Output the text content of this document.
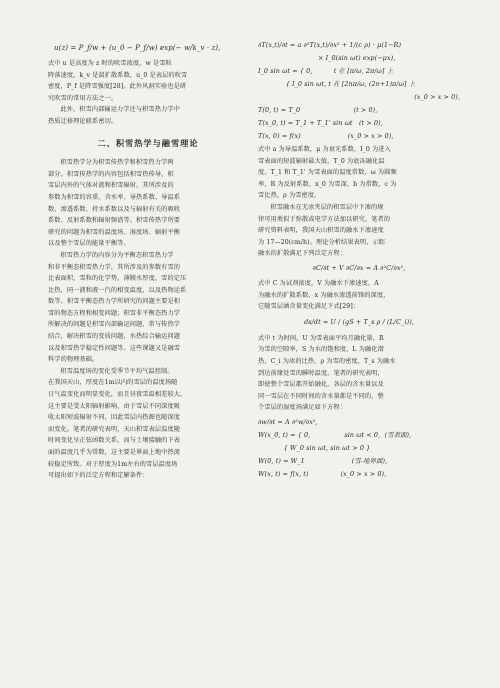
u(z) = P_f/w + (u_0 − P_f/w) exp(− w/k_v · z),

式中 u 是高度为 z 时的吹雪浓度，w 是雪粒

降落速度，k_v 是湍扩散系数，u_0 是表层的吹雪

密度，P_f 是降雪强度[28]。此外风洞实验也是研

究吹雪的常用方法之一。

此外，积雪内部输运力学还与积雪热力学中

热质迁移理论联系密切。

二、积雪热学与融雪理论

积雪热学分为积雪传热学和积雪热力学两

部分。积雪传热学的内容包括积雪热传导，积

雪层内外的气体对流和积雪辐射，其所涉及的

参数为积雪的容重、含水率、导热系数、导温系

数、渗透系数、持水系数以及与辐射有关的吸收

系数、反射系数和辐射频谱等。积雪传热学所要

研究的问题为积雪的温度场、湿度场、辐射平衡

以及整个雪层的能量平衡等。

积雪热力学的内容分为平衡态积雪热力学

和非平衡态积雪热力学，其所涉及的参数有雪的

比表面积，雪粒的化学势，薄膜水厚度，雪的定压

比热，同一液和液一汽的相变温度，以及热物运系

数等。积雪平衡态热力学所研究的问题主要是积

雪的物态方程和相变问题；积雪非平衡态热力学

所解决的问题是积雪内部输运问题，常与传热学

结合，解决积雪的变质问题，水热综合输运问题

以及积雪热学稳定性问题等。这些课题又是融雪

科学的物理基础。

积雪温度场的变化受季节平均气温控制。

在我国天山，厚度在1m以内的雪层的温度场随

日气温变化而明显变化，而且昼夜雪温相差较大。

这主要是受太阳辐射影响。由于雪层不同深度吸

收太阳短波辐射不同，因此雪层内热源也随深度

而变化。笔者的研究表明，天山积雪表层温度随

时间变化呈正弦函数关系，而与土壤接触的下表

面的温度几乎为常数，这主要是界面上地中热流

较稳定所致。对于厚度为1m左右的雪层温度场

可提出如下的泛定方程和定解条件：

∂T(x,t)/∂t = a ∂²T(x,t)/∂x² + 1/(c ρ) · μ(1−R)
× I_0(sin ωt) exp(−μx),
I_0 sin ωt = { 0,          t 在 [π/ω, 2π/ω] 上
{ I_0 sin ωt, t 在 [2nπ/ω, (2n+1)π/ω] 上
(x_0 > x > 0),
T(0, t) = T_0                         (t > 0),
T(x_0, t) = T_1 + T_1' sin ωt   (t > 0),
T(x, 0) = f(x)                      (x_0 > x > 0),

式中 a 为导温系数，μ 为衰光系数，I_0 为进入

雪表面的短波辐射最大值，T_0 为底冻融化温

度，T_1 和 T_1' 为雪表面的温度常数，ω 为圆频

率，R 为反射系数，x_0 为雪深，b 为常数，c 为

雪比热，ρ 为雪密度。

积雪融水在无冰夹层的积雪层中下渗的规

律可用类似于弥散或电学方法加以研究。笔者的

研究资料表明，我国天山积雪的融水下渗速度

为 17—20(cm/h)。理论分析结果表明，示踪

融水的扩散满足下列泛定方程：

∂C/∂t + V ∂C/∂x = A ∂²C/∂x²,

式中 C 为试剂浓度，V 为融水下渗速度，A

为融水的扩散系数，x 为融水渗透前锋的深度，

它随雪层涵含量变化满足下式[29]：

ds/dt = U / (gS + T_s ρ / (L/C_i)),

式中 t 为时间，U 为雪表面平均月融化量，R

为雪的空隙率，S 为水的饱和度，L 为融化潜

热，C_i 为冰的比热，ρ 为雪的密度，T_s 为融水

到达前缘处雪的瞬时温度。笔者的研究表明，

即使整个雪层都开始融化，各层的含水量以及

同一雪层在不同时间的含水量都是不同的，整

个雪层的湿度场满足如下方程：

∂w/∂t = A ∂²w/∂x²,
W(x_0, t) = { 0,                sin ωt < 0,  (雪表面),
{ W_0 sin ωt, sin ωt > 0 }
W(0, t) = W_1                      (雪-地界面),
W(x, t) = f(x, t)               (x_0 > x > 0),
